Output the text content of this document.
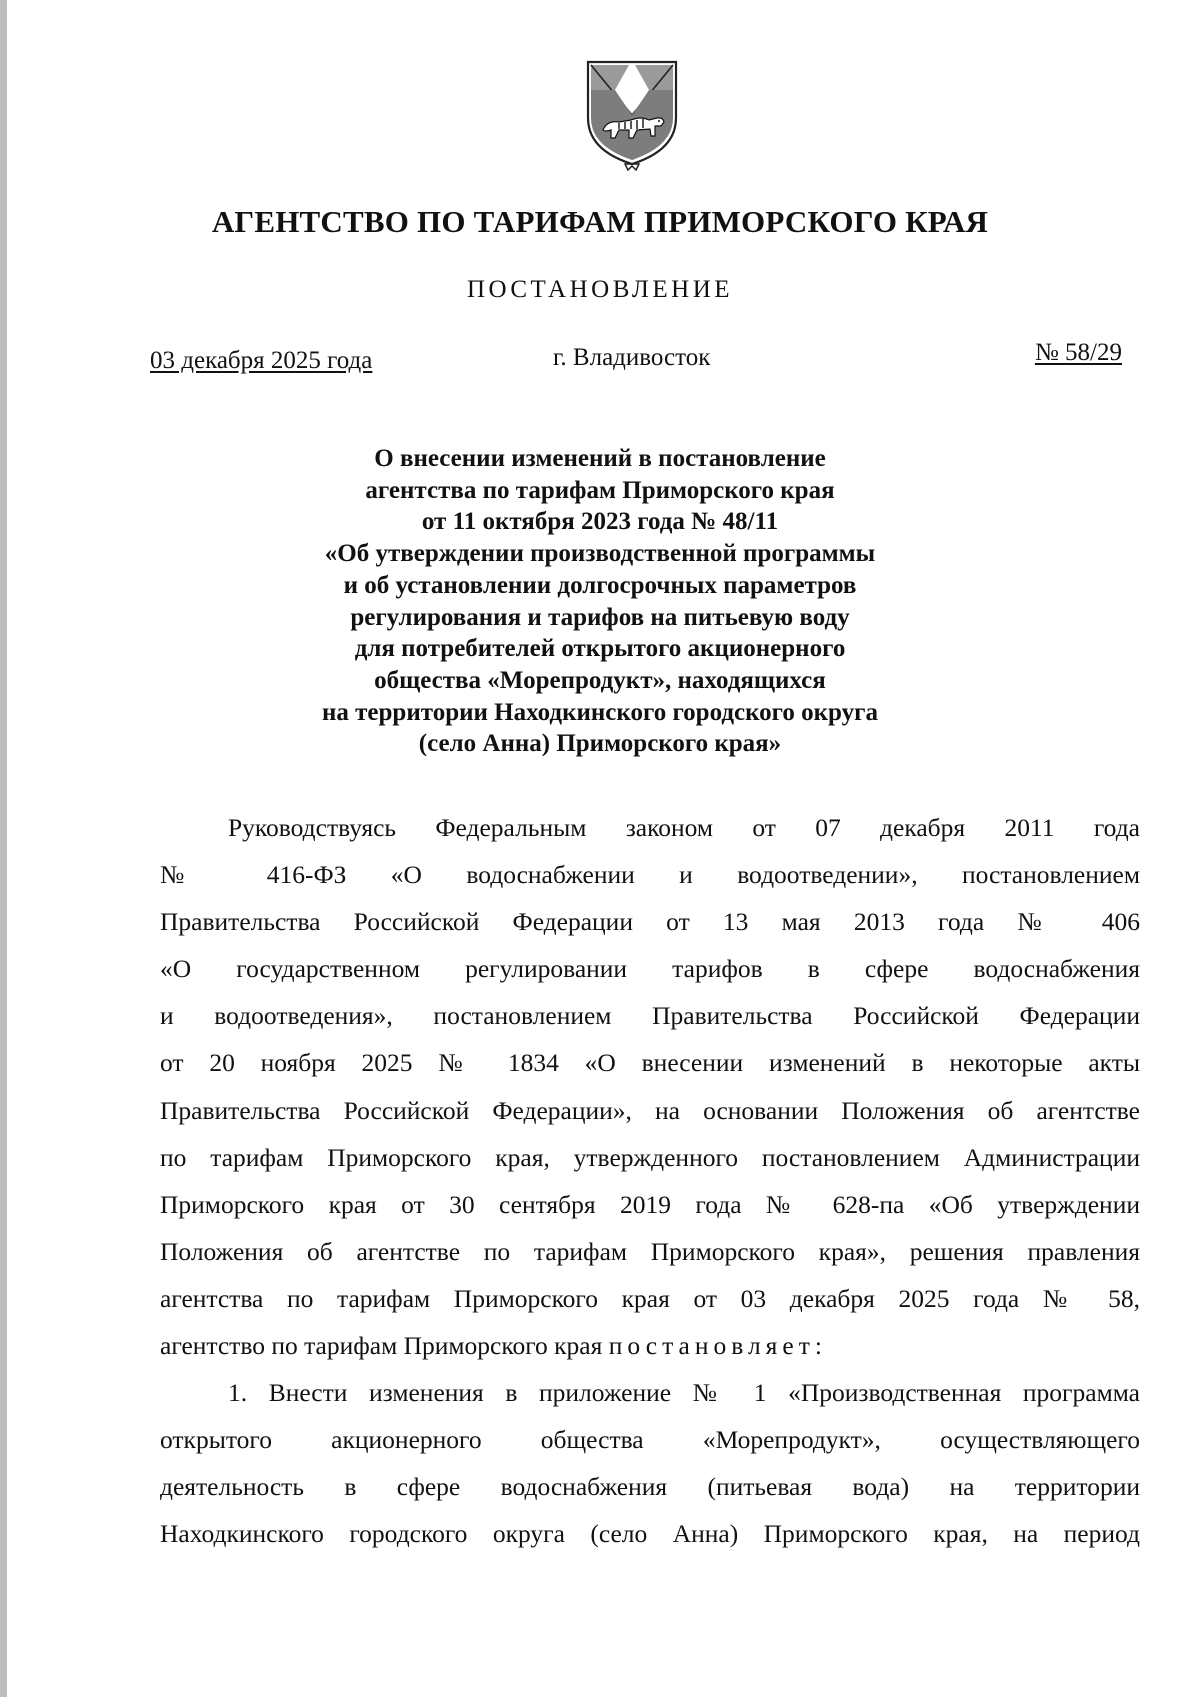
АГЕНТСТВО ПО ТАРИФАМ ПРИМОРСКОГО КРАЯ
ПОСТАНОВЛЕНИЕ
03 декабря 2025 года	г. Владивосток	№ 58/29
О внесении изменений в постановление
агентства по тарифам Приморского края
от 11 октября 2023 года № 48/11
«Об утверждении производственной программы
и об установлении долгосрочных параметров
регулирования и тарифов на питьевую воду
для потребителей открытого акционерного
общества «Морепродукт», находящихся
на территории Находкинского городского округа
(село Анна) Приморского края»
Руководствуясь Федеральным законом от 07 декабря 2011 года
№ 416-ФЗ «О водоснабжении и водоотведении», постановлением
Правительства Российской Федерации от 13 мая 2013 года № 406
«О государственном регулировании тарифов в сфере водоснабжения
и водоотведения», постановлением Правительства Российской Федерации
от 20 ноября 2025 № 1834 «О внесении изменений в некоторые акты
Правительства Российской Федерации», на основании Положения об агентстве
по тарифам Приморского края, утвержденного постановлением Администрации
Приморского края от 30 сентября 2019 года № 628-па «Об утверждении
Положения об агентстве по тарифам Приморского края», решения правления
агентства по тарифам Приморского края от 03 декабря 2025 года № 58,
агентство по тарифам Приморского края постановляет:
1. Внести изменения в приложение № 1 «Производственная программа
открытого акционерного общества «Морепродукт», осуществляющего
деятельность в сфере водоснабжения (питьевая вода) на территории
Находкинского городского округа (село Анна) Приморского края, на период
